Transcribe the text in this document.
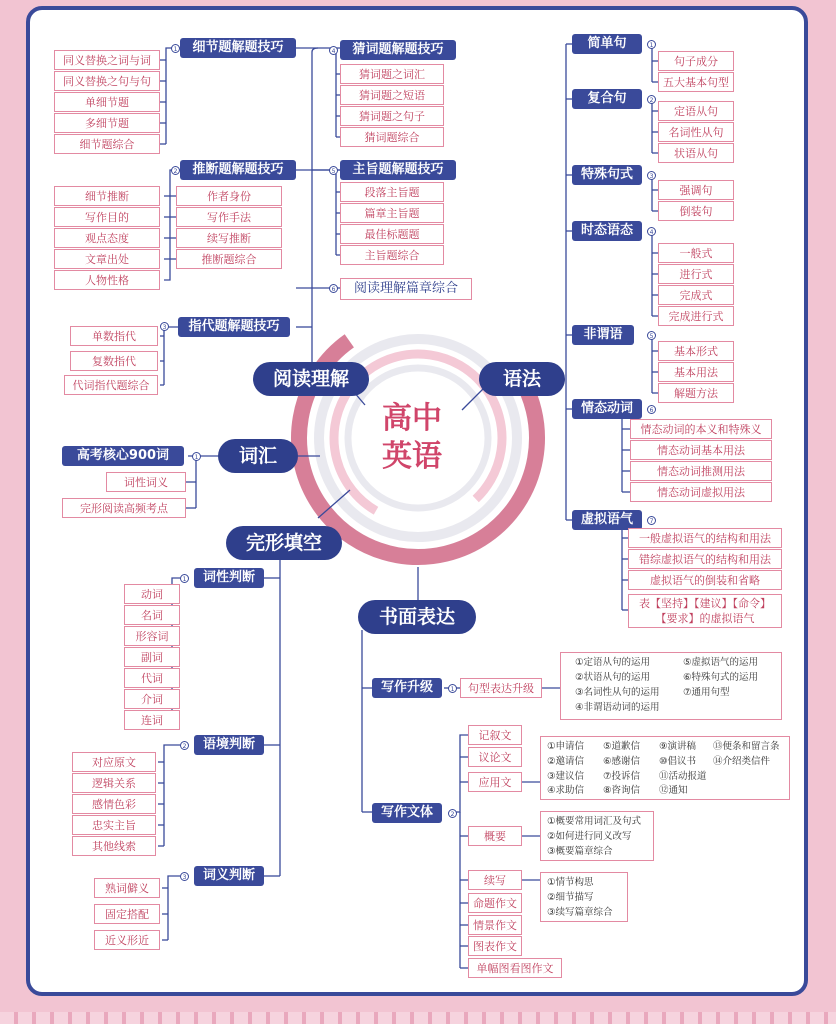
高中
英语
阅读理解	语法
词汇
完形填空
书面表达
细节题解题技巧
1
同义替换之词与词
同义替换之句与句
单细节题
多细节题
细节题综合
推断题解题技巧
2
细节推断
写作目的
观点态度
文章出处
人物性格
作者身份
写作手法
续写推断
推断题综合
指代题解题技巧
3
单数指代
复数指代
代词指代题综合
猜词题解题技巧
4
猜词题之词汇
猜词题之短语
猜词题之句子
猜词题综合
主旨题解题技巧
5
段落主旨题
篇章主旨题
最佳标题题
主旨题综合
6	阅读理解篇章综合
简单句	1
句子成分
五大基本句型
复合句	2
定语从句
名词性从句
状语从句
特殊句式	3
强调句
倒装句
时态语态	4
一般式
进行式
完成式
完成进行式
非谓语	5
基本形式
基本用法
解题方法
情态动词	6
情态动词的本义和特殊义
情态动词基本用法
情态动词推测用法
情态动词虚拟用法
虚拟语气	7
一般虚拟语气的结构和用法
错综虚拟语气的结构和用法
虚拟语气的倒装和省略
表【坚持】【建议】【命令】
【要求】的虚拟语气
高考核心900词	1
词性词义
完形阅读高频考点
词性判断
1
动词
名词
形容词
副词
代词
介词
连词
语境判断
2
对应原文
逻辑关系
感情色彩
忠实主旨
其他线索
词义判断
3
熟词僻义
固定搭配
近义形近
写作升级	1	句型表达升级
①定语从句的运用	⑤虚拟语气的运用
②状语从句的运用	⑥特殊句式的运用
③名词性从句的运用 ⑦通用句型
④非谓语动词的运用
写作文体	2
记叙文
议论文
应用文
概要
续写
命题作文
情景作文
图表作文
单幅图看图作文
①申请信 ⑤道歉信 ⑨演讲稿 ⑬便条和留言条
②邀请信 ⑥感谢信 ⑩倡议书 ⑭介绍类信件
③建议信 ⑦投诉信 ⑪活动报道
④求助信 ⑧咨询信 ⑫通知
①概要常用词汇及句式
②如何进行同义改写
③概要篇章综合
①情节构思
②细节描写
③续写篇章综合
